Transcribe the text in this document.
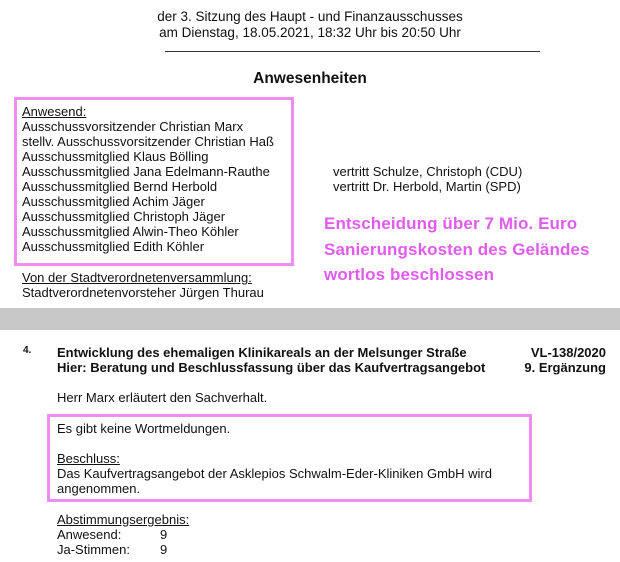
der 3. Sitzung des Haupt - und Finanzausschusses
am Dienstag, 18.05.2021, 18:32 Uhr bis 20:50 Uhr
Anwesenheiten
Anwesend:
Ausschussvorsitzender Christian Marx
stellv. Ausschussvorsitzender Christian Haß
Ausschussmitglied Klaus Bölling
Ausschussmitglied Jana Edelmann-Rauthe
Ausschussmitglied Bernd Herbold
Ausschussmitglied Achim Jäger
Ausschussmitglied Christoph Jäger
Ausschussmitglied Alwin-Theo Köhler
Ausschussmitglied Edith Köhler
vertritt Schulze, Christoph (CDU)
vertritt Dr. Herbold, Martin (SPD)
Entscheidung über 7 Mio. Euro
Sanierungskosten des Geländes
wortlos beschlossen
Von der Stadtverordnetenversammlung:
Stadtverordnetenvorsteher Jürgen Thurau
4. Entwicklung des ehemaligen Klinikareals an der Melsunger Straße
Hier: Beratung und Beschlussfassung über das Kaufvertragsangebot
VL-138/2020
9. Ergänzung
Herr Marx erläutert den Sachverhalt.
Es gibt keine Wortmeldungen.
Beschluss:
Das Kaufvertragsangebot der Asklepios Schwalm-Eder-Kliniken GmbH wird
angenommen.
Abstimmungsergebnis:
Anwesend:	9
Ja-Stimmen: 9
